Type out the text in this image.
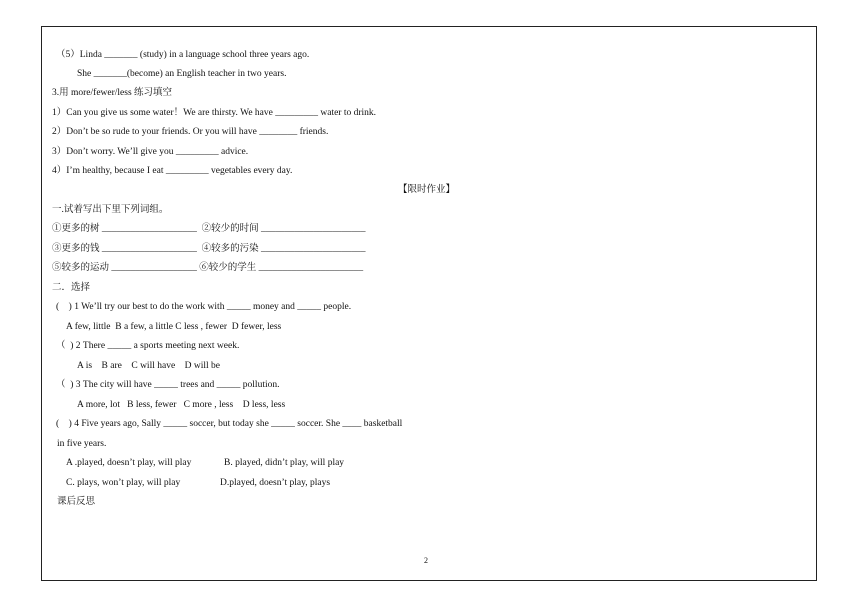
（5）Linda _______ (study) in a language school three years ago.
She _______(become) an English teacher in two years.
3.用 more/fewer/less 练习填空
1）Can you give us some water！We are thirsty. We have _________ water to drink.
2）Don’t be so rude to your friends. Or you will have ________ friends.
3）Don’t worry. We’ll give you _________ advice.
4）I’m healthy, because I eat _________ vegetables every day.
【限时作业】
一.试着写出下里下列词组。
①更多的树 ____________________  ②较少的时间 ______________________
③更多的钱 ____________________  ④较多的污染 ______________________
⑤较多的运动 __________________ ⑥较少的学生 ______________________
二．选择
(    ) 1 We’ll try our best to do the work with _____ money and _____ people.
A few, little  B a few, a little C less , fewer  D fewer, less
（  ) 2 There _____ a sports meeting next week.
A is    B are    C will have    D will be
（  ) 3 The city will have _____ trees and _____ pollution.
A more, lot   B less, fewer   C more , less    D less, less
(    ) 4 Five years ago, Sally _____ soccer, but today she _____ soccer. She ____ basketball
in five years.
A .played, doesn’t play, will play	B. played, didn’t play, will play
C. plays, won’t play, will play	D.played, doesn’t play, plays
课后反思
2
